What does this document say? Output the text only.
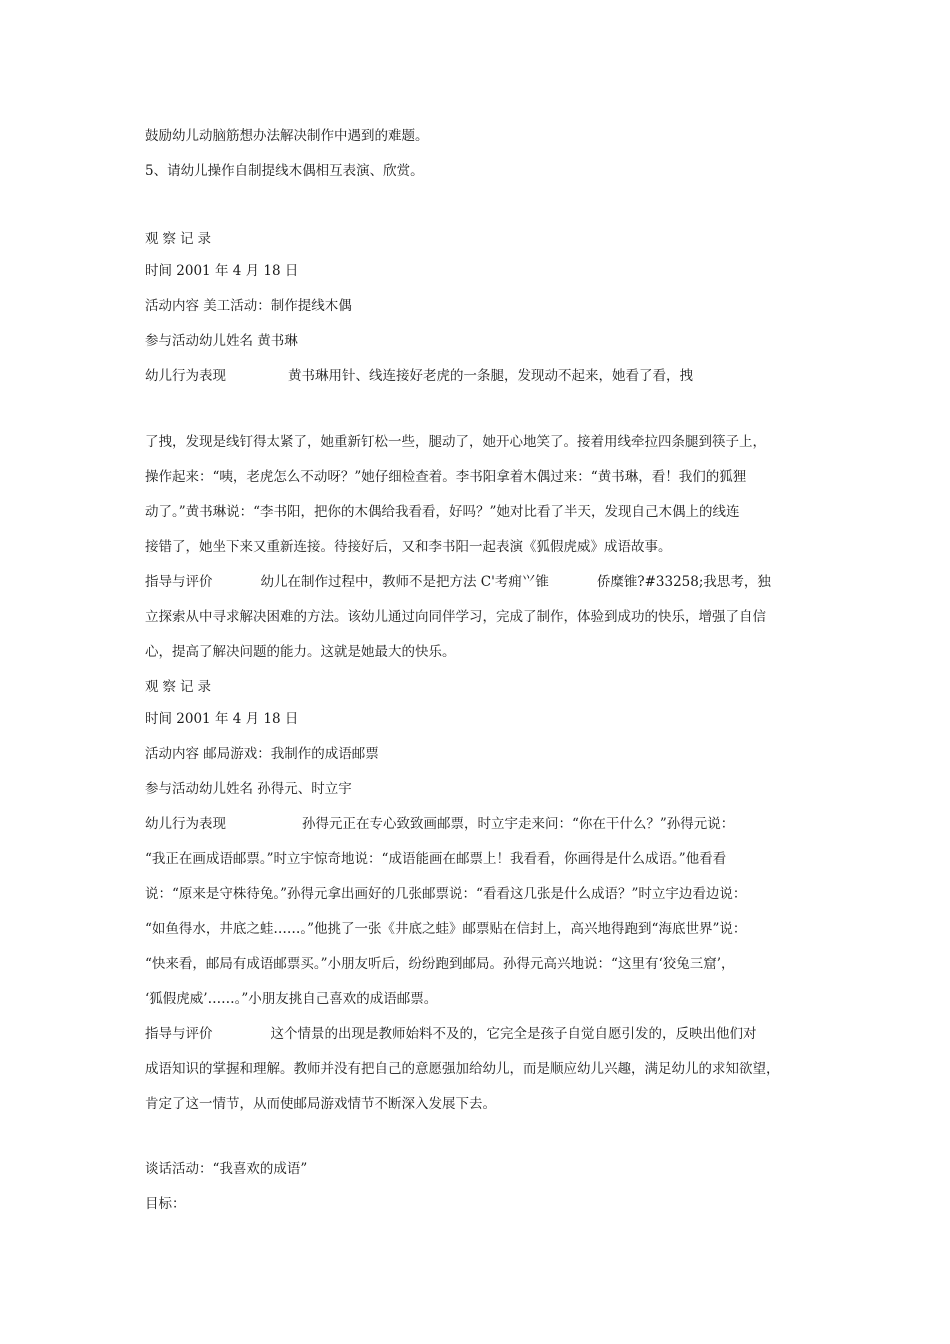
鼓励幼儿动脑筋想办法解决制作中遇到的难题。
5、请幼儿操作自制提线木偶相互表演、欣赏。
观察记录
时间 2001 年 4 月 18 日
活动内容 美工活动：制作提线木偶
参与活动幼儿姓名 黄书琳
幼儿行为表现	黄书琳用针、线连接好老虎的一条腿，发现动不起来，她看了看，拽
了拽，发现是线钉得太紧了，她重新钉松一些，腿动了，她开心地笑了。接着用线牵拉四条腿到筷子上，
操作起来：“咦，老虎怎么不动呀？”她仔细检查着。李书阳拿着木偶过来：“黄书琳，看！我们的狐狸
动了。”黄书琳说：“李书阳，把你的木偶给我看看，好吗？”她对比看了半天，发现自己木偶上的线连
接错了，她坐下来又重新连接。待接好后，又和李书阳一起表演《狐假虎威》成语故事。
指导与评价	幼儿在制作过程中，教师不是把方法 C'考痈⺍锥	侨糜锥?#33258;我思考，独
立探索从中寻求解决困难的方法。该幼儿通过向同伴学习，完成了制作，体验到成功的快乐，增强了自信
心，提高了解决问题的能力。这就是她最大的快乐。
观察记录
时间 2001 年 4 月 18 日
活动内容 邮局游戏：我制作的成语邮票
参与活动幼儿姓名 孙得元、时立宇
幼儿行为表现	孙得元正在专心致致画邮票，时立宇走来问：“你在干什么？”孙得元说：
“我正在画成语邮票。”时立宇惊奇地说：“成语能画在邮票上！我看看，你画得是什么成语。”他看看
说：“原来是守株待兔。”孙得元拿出画好的几张邮票说：“看看这几张是什么成语？”时立宇边看边说：
“如鱼得水，井底之蛙……。”他挑了一张《井底之蛙》邮票贴在信封上，高兴地得跑到“海底世界”说：
“快来看，邮局有成语邮票买。”小朋友听后，纷纷跑到邮局。孙得元高兴地说：“这里有‘狡兔三窟’，
‘狐假虎威’……。”小朋友挑自己喜欢的成语邮票。
指导与评价	这个情景的出现是教师始料不及的，它完全是孩子自觉自愿引发的，反映出他们对
成语知识的掌握和理解。教师并没有把自己的意愿强加给幼儿，而是顺应幼儿兴趣，满足幼儿的求知欲望，
肯定了这一情节，从而使邮局游戏情节不断深入发展下去。
谈话活动：“我喜欢的成语”
目标：
